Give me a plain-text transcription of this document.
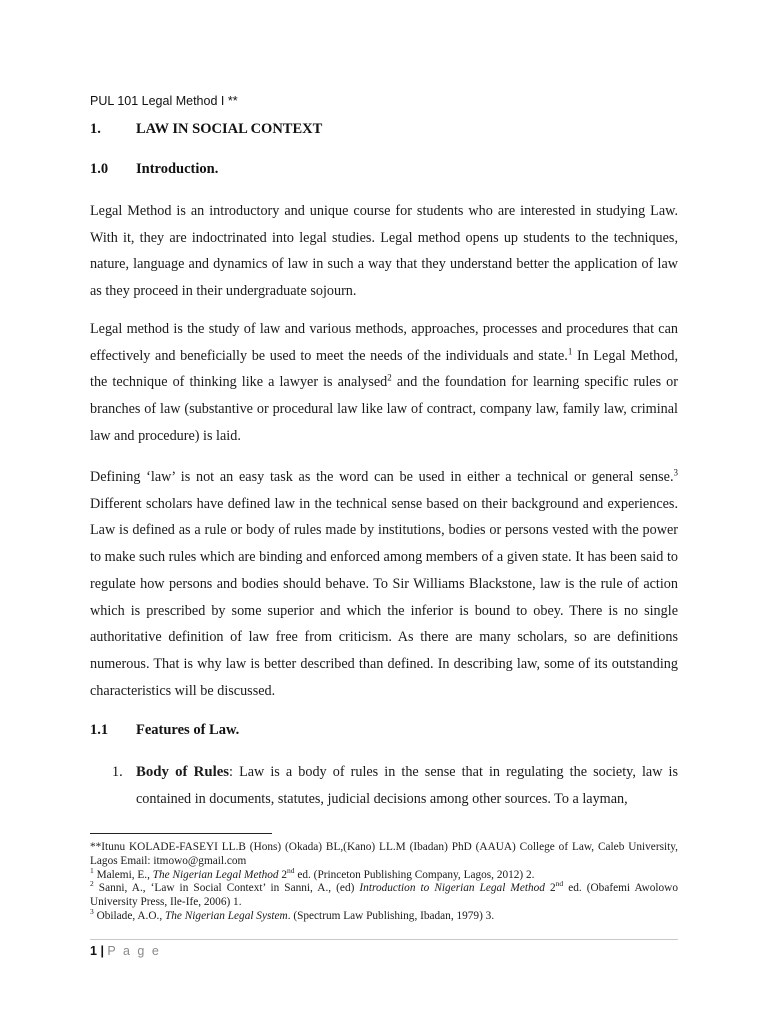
PUL 101 Legal Method I **
1. LAW IN SOCIAL CONTEXT
1.0 Introduction.

Legal Method is an introductory and unique course for students who are interested in studying Law. With it, they are indoctrinated into legal studies. Legal method opens up students to the techniques, nature, language and dynamics of law in such a way that they understand better the application of law as they proceed in their undergraduate sojourn.

Legal method is the study of law and various methods, approaches, processes and procedures that can effectively and beneficially be used to meet the needs of the individuals and state.$^1$ In Legal Method, the technique of thinking like a lawyer is analysed$^2$ and the foundation for learning specific rules or branches of law (substantive or procedural law like law of contract, company law, family law, criminal law and procedure) is laid.

Defining ‘law’ is not an easy task as the word can be used in either a technical or general sense.$^3$ Different scholars have defined law in the technical sense based on their background and experiences. Law is defined as a rule or body of rules made by institutions, bodies or persons vested with the power to make such rules which are binding and enforced among members of a given state. It has been said to regulate how persons and bodies should behave. To Sir Williams Blackstone, law is the rule of action which is prescribed by some superior and which the inferior is bound to obey. There is no single authoritative definition of law free from criticism. As there are many scholars, so are definitions numerous. That is why law is better described than defined. In describing law, some of its outstanding characteristics will be discussed.

1.1 Features of Law.
1. Body of Rules: Law is a body of rules in the sense that in regulating the society, law is contained in documents, statutes, judicial decisions among other sources. To a layman,

**Itunu KOLADE-FASEYI LL.B (Hons) (Okada) BL,(Kano) LL.M (Ibadan) PhD (AAUA) College of Law, Caleb University, Lagos Email: itmowo@gmail.com

$^1$ Malemi, E., The Nigerian Legal Method 2nd ed. (Princeton Publishing Company, Lagos, 2012) 2.

$^2$ Sanni, A., ‘Law in Social Context’ in Sanni, A., (ed) Introduction to Nigerian Legal Method 2nd ed. (Obafemi Awolowo University Press, Ile-Ife, 2006) 1.

$^3$ Obilade, A.O., The Nigerian Legal System. (Spectrum Law Publishing, Ibadan, 1979) 3.

1 | P a g e
